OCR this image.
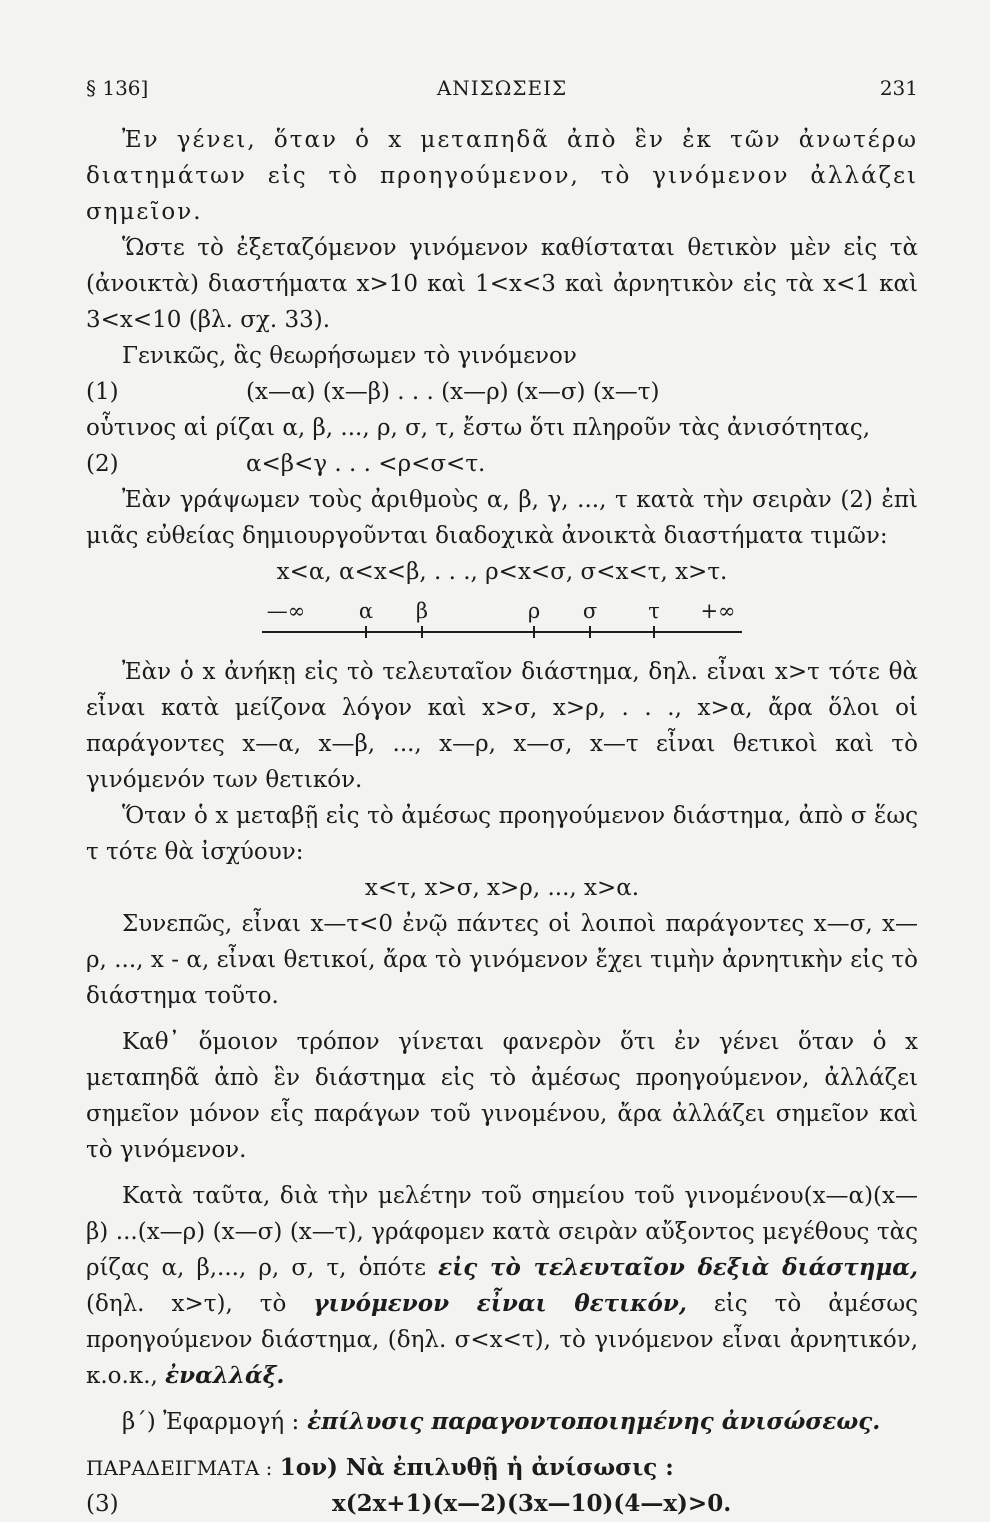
§ 136]	ΑΝΙΣΩΣΕΙΣ	231

Ἐν γένει, ὅταν ὁ x μεταπηδᾶ ἀπὸ ἓν ἐκ τῶν ἀνωτέρω διατημάτων εἰς τὸ προηγούμενον, τὸ γινόμενον ἀλλάζει σημεῖον.

Ὥστε τὸ ἐξεταζόμενον γινόμενον καθίσταται θετικὸν μὲν εἰς τὰ (ἀνοικτὰ) διαστήματα x>10 καὶ 1<x<3 καὶ ἀρνητικὸν εἰς τὰ x<1 καὶ 3<x<10 (βλ. σχ. 33).

Γενικῶς, ἃς θεωρήσωμεν τὸ γινόμενον

(1)	(x—α) (x—β) . . . (x—ρ) (x—σ) (x—τ)

οὗτινος αἱ ρίζαι α, β, ..., ρ, σ, τ, ἔστω ὅτι πληροῦν τὰς ἀνισότητας,

(2)	α<β<γ . . . <ρ<σ<τ.

Ἐὰν γράψωμεν τοὺς ἀριθμοὺς α, β, γ, ..., τ κατὰ τὴν σειρὰν (2) ἐπὶ μιᾶς εὐθείας δημιουργοῦνται διαδοχικὰ ἀνοικτὰ διαστήματα τιμῶν:

x<α, α<x<β, . . ., ρ<x<σ, σ<x<τ, x>τ.

—∞	α β	ρ σ τ +∞

Ἐὰν ὁ x ἀνήκῃ εἰς τὸ τελευταῖον διάστημα, δηλ. εἶναι x>τ τότε θὰ εἶναι κατὰ μείζονα λόγον καὶ x>σ, x>ρ, . . ., x>α, ἄρα ὅλοι οἱ παράγοντες x—α, x—β, ..., x—ρ, x—σ, x—τ εἶναι θετικοὶ καὶ τὸ γινόμενόν των θετικόν.

Ὅταν ὁ x μεταβῇ εἰς τὸ ἀμέσως προηγούμενον διάστημα, ἀπὸ σ ἕως τ τότε θὰ ἰσχύουν:

x<τ, x>σ, x>ρ, ..., x>α.

Συνεπῶς, εἶναι x—τ<0 ἐνῷ πάντες οἱ λοιποὶ παράγοντες x—σ, x—ρ, ..., x - α, εἶναι θετικοί, ἄρα τὸ γινόμενον ἔχει τιμὴν ἀρνητικὴν εἰς τὸ διάστημα τοῦτο.

Καθ᾽ ὅμοιον τρόπον γίνεται φανερὸν ὅτι ἐν γένει ὅταν ὁ x μεταπηδᾶ ἀπὸ ἓν διάστημα εἰς τὸ ἀμέσως προηγούμενον, ἀλλάζει σημεῖον μόνον εἷς παράγων τοῦ γινομένου, ἄρα ἀλλάζει σημεῖον καὶ τὸ γινόμενον.

Κατὰ ταῦτα, διὰ τὴν μελέτην τοῦ σημείου τοῦ γινομένου(x—α)(x—β) ...(x—ρ) (x—σ) (x—τ), γράφομεν κατὰ σειρὰν αὔξοντος μεγέθους τὰς ρίζας α, β,..., ρ, σ, τ, ὁπότε εἰς τὸ τελευταῖον δεξιὰ διάστημα, (δηλ. x>τ), τὸ γινόμενον εἶναι θετικόν, εἰς τὸ ἀμέσως προηγούμενον διάστημα, (δηλ. σ<x<τ), τὸ γινόμενον εἶναι ἀρνητικόν, κ.ο.κ., ἐναλλάξ.

β΄) Ἐφαρμογή : ἐπίλυσις παραγοντοποιημένης ἀνισώσεως.

ΠΑΡΑΔΕΙΓΜΑΤΑ : 1ον) Νὰ ἐπιλυθῇ ἡ ἀνίσωσις :

(3)	x(2x+1)(x—2)(3x—10)(4—x)>0.
